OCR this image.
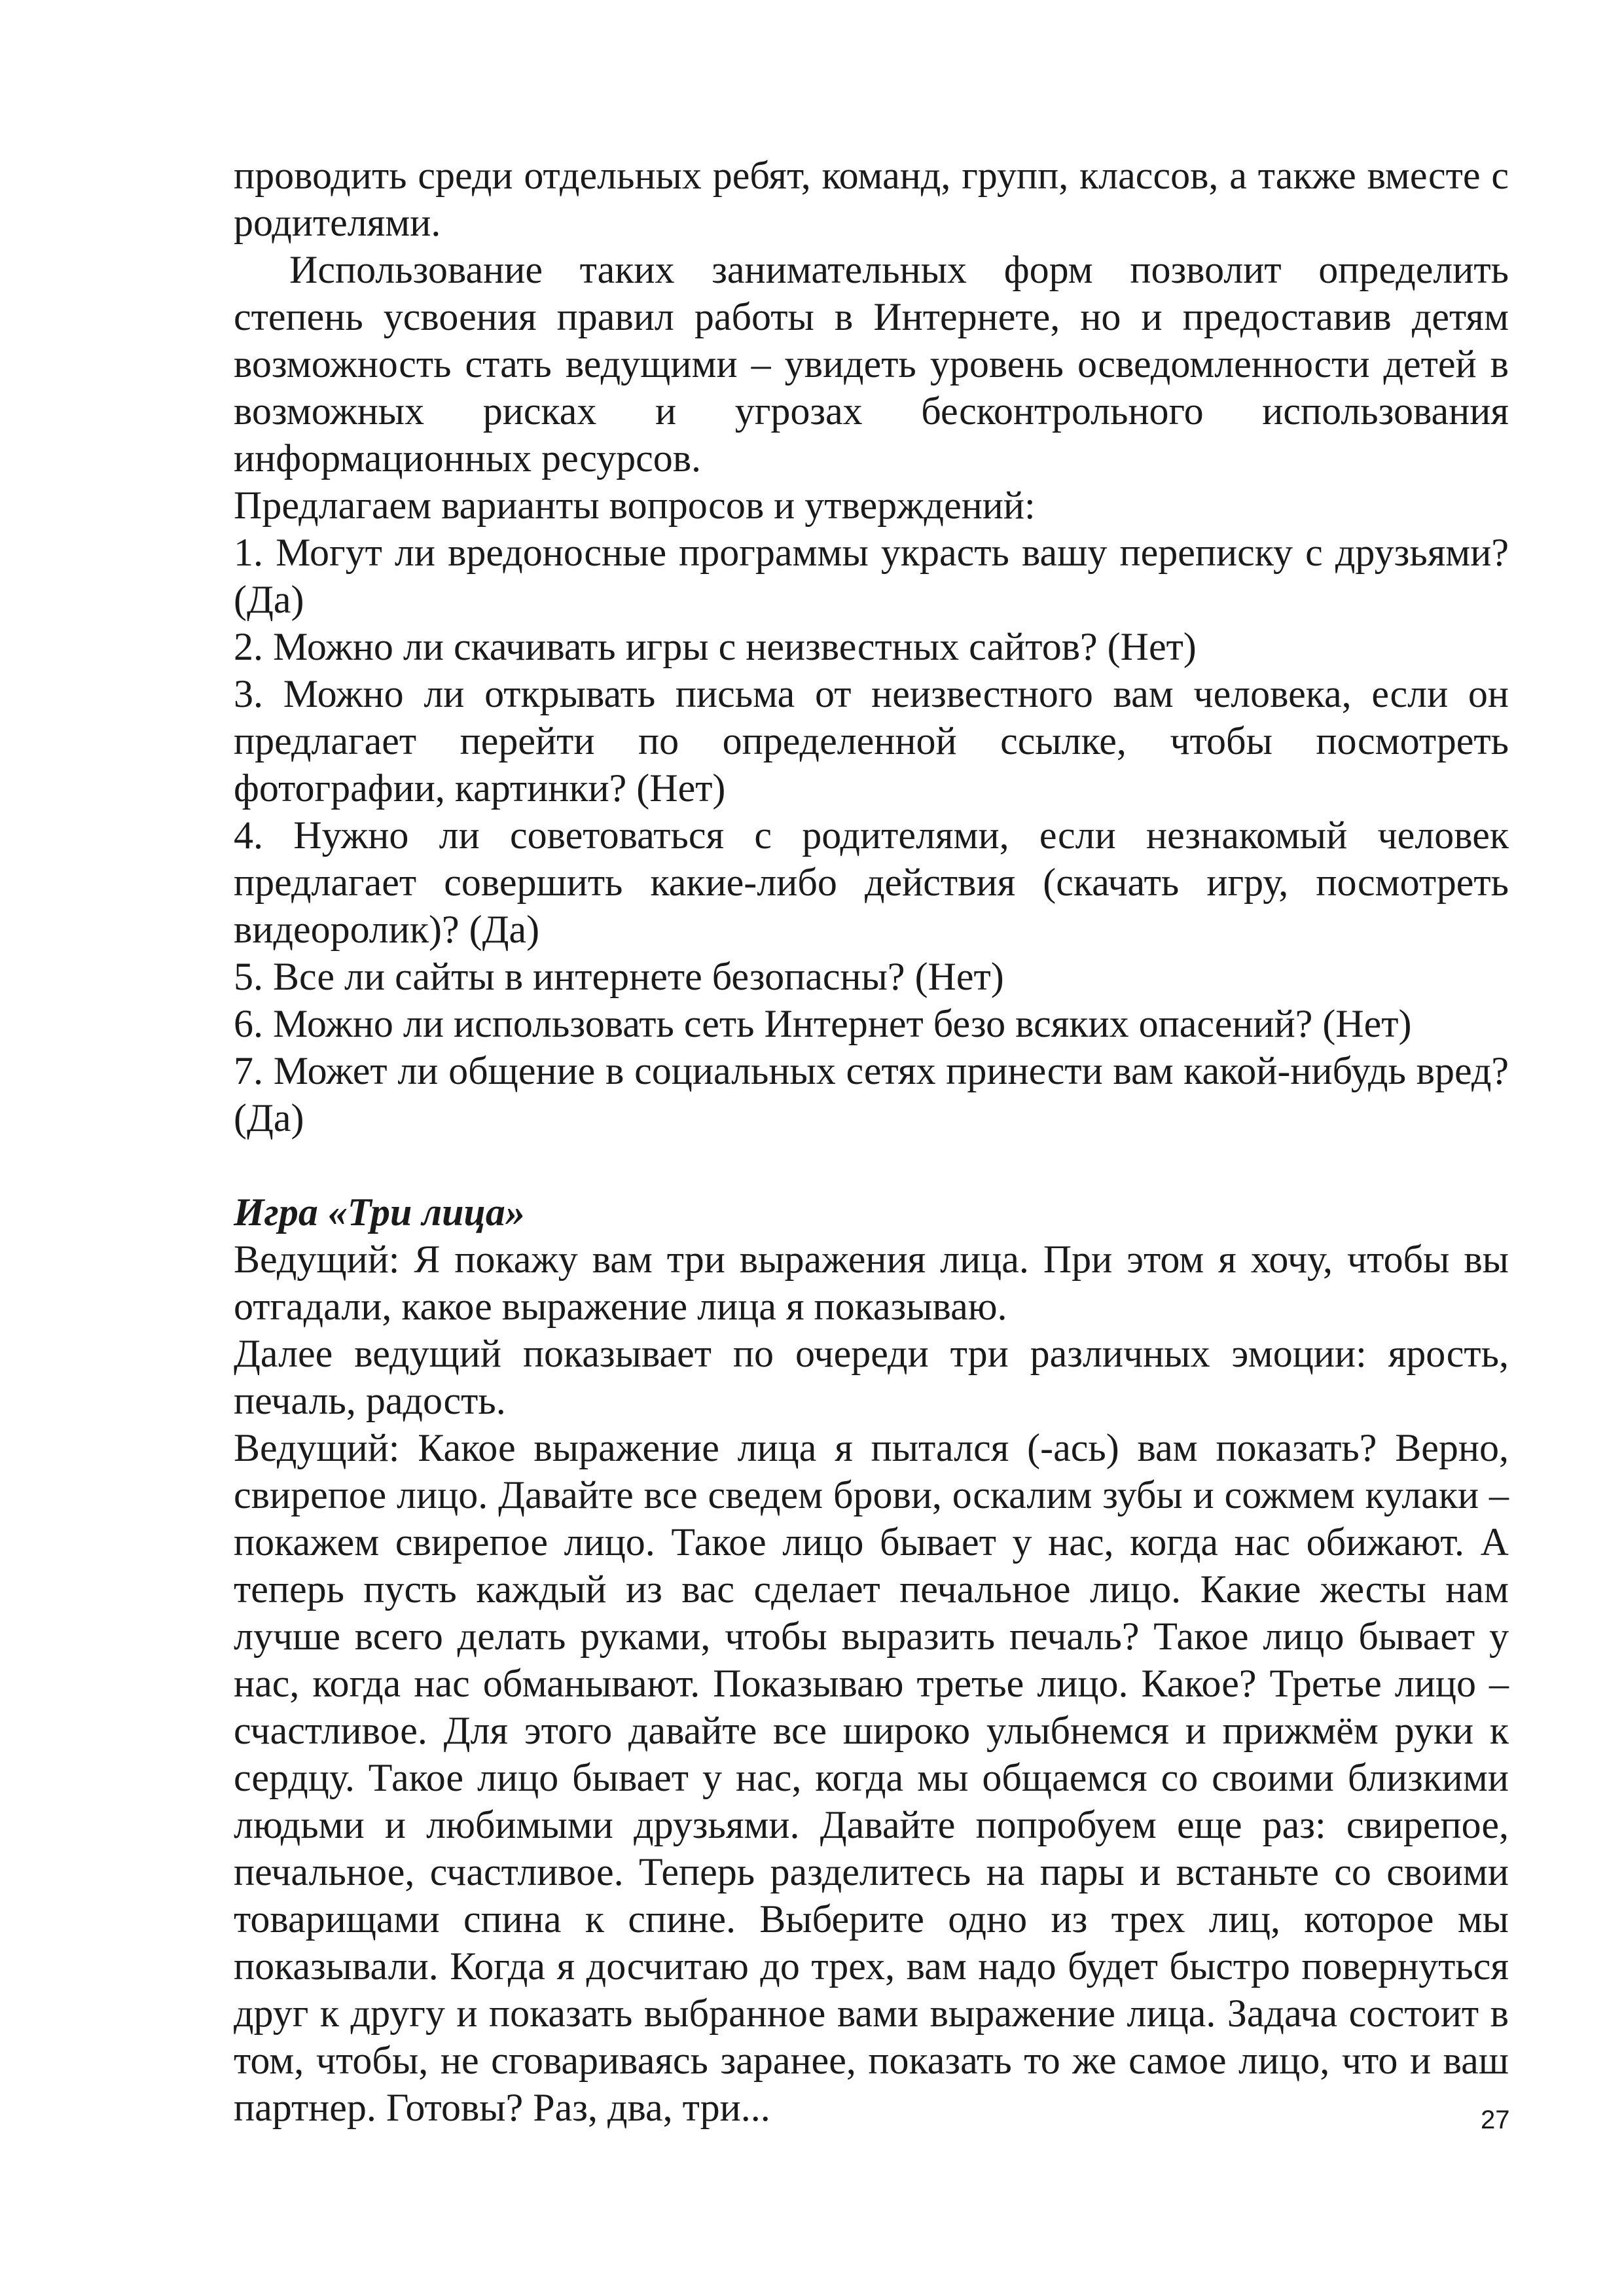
проводить среди отдельных ребят, команд, групп, классов, а также вместе с родителями.

Использование таких занимательных форм позволит определить степень усвоения правил работы в Интернете, но и предоставив детям возможность стать ведущими – увидеть уровень осведомленности детей в возможных рисках и угрозах бесконтрольного использования информационных ресурсов.

Предлагаем варианты вопросов и утверждений:

1. Могут ли вредоносные программы украсть вашу переписку с друзьями? (Да)

2. Можно ли скачивать игры с неизвестных сайтов? (Нет)

3. Можно ли открывать письма от неизвестного вам человека, если он предлагает перейти по определенной ссылке, чтобы посмотреть фотографии, картинки? (Нет)

4. Нужно ли советоваться с родителями, если незнакомый человек предлагает совершить какие-либо действия (скачать игру, посмотреть видеоролик)? (Да)

5. Все ли сайты в интернете безопасны? (Нет)

6. Можно ли использовать сеть Интернет безо всяких опасений? (Нет)

7. Может ли общение в социальных сетях принести вам какой-нибудь вред? (Да)

Игра «Три лица»

Ведущий: Я покажу вам три выражения лица. При этом я хочу, чтобы вы отгадали, какое выражение лица я показываю.

Далее ведущий показывает по очереди три различных эмоции: ярость, печаль, радость.

Ведущий: Какое выражение лица я пытался (-ась) вам показать? Верно, свирепое лицо. Давайте все сведем брови, оскалим зубы и сожмем кулаки – покажем свирепое лицо. Такое лицо бывает у нас, когда нас обижают. А теперь пусть каждый из вас сделает печальное лицо. Какие жесты нам лучше всего делать руками, чтобы выразить печаль? Такое лицо бывает у нас, когда нас обманывают. Показываю третье лицо. Какое? Третье лицо – счастливое. Для этого давайте все широко улыбнемся и прижмём руки к сердцу. Такое лицо бывает у нас, когда мы общаемся со своими близкими людьми и любимыми друзьями. Давайте попробуем еще раз: свирепое, печальное, счастливое. Теперь разделитесь на пары и встаньте со своими товарищами спина к спине. Выберите одно из трех лиц, которое мы показывали. Когда я досчитаю до трех, вам надо будет быстро повернуться друг к другу и показать выбранное вами выражение лица. Задача состоит в том, чтобы, не сговариваясь заранее, показать то же самое лицо, что и ваш партнер. Готовы? Раз, два, три...	27
